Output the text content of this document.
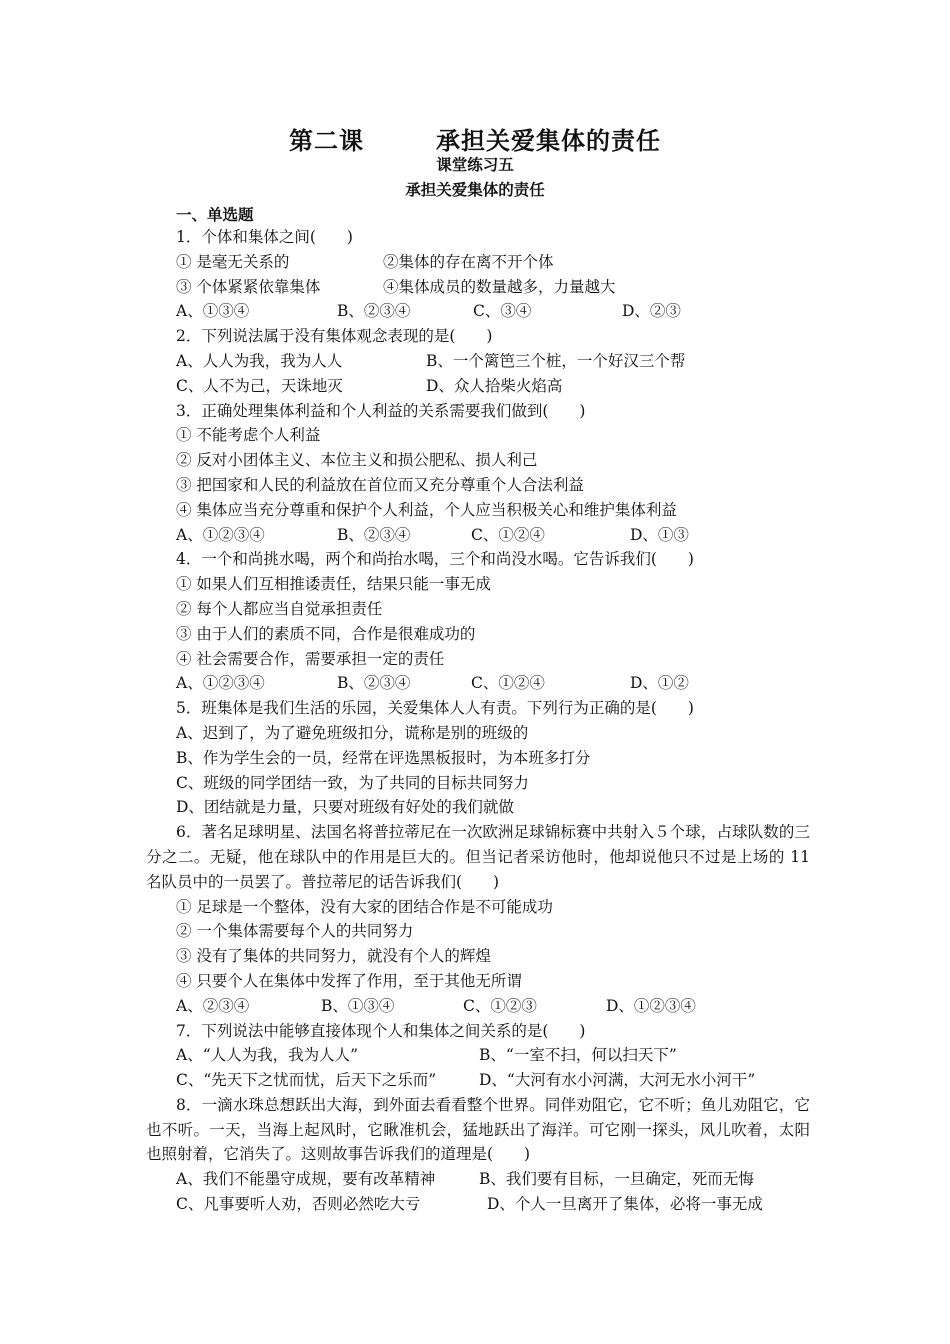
第二课	承担关爱集体的责任
课堂练习五
承担关爱集体的责任
一、单选题
1．个体和集体之间(　　)
① 是毫无关系的	②集体的存在离不开个体
③ 个体紧紧依靠集体	④集体成员的数量越多，力量越大
A、①③④	B、②③④	C、③④	D、②③
2．下列说法属于没有集体观念表现的是(　　)
A、人人为我，我为人人	B、一个篱笆三个桩，一个好汉三个帮
C、人不为己，天诛地灭	D、众人拾柴火焰高
3．正确处理集体利益和个人利益的关系需要我们做到(　　)
① 不能考虑个人利益
② 反对小团体主义、本位主义和损公肥私、损人利己
③ 把国家和人民的利益放在首位而又充分尊重个人合法利益
④ 集体应当充分尊重和保护个人利益，个人应当积极关心和维护集体利益
A、①②③④	B、②③④	C、①②④	D、①③
4．一个和尚挑水喝，两个和尚抬水喝，三个和尚没水喝。它告诉我们(　　)
① 如果人们互相推诿责任，结果只能一事无成
② 每个人都应当自觉承担责任
③ 由于人们的素质不同，合作是很难成功的
④ 社会需要合作，需要承担一定的责任
A、①②③④	B、②③④	C、①②④	D、①②
5．班集体是我们生活的乐园，关爱集体人人有责。下列行为正确的是(　　)
A、迟到了，为了避免班级扣分，谎称是别的班级的
B、作为学生会的一员，经常在评选黑板报时，为本班多打分
C、班级的同学团结一致，为了共同的目标共同努力
D、团结就是力量，只要对班级有好处的我们就做
6．著名足球明星、法国名将普拉蒂尼在一次欧洲足球锦标赛中共射入５个球，占球队数的三分之二。无疑，他在球队中的作用是巨大的。但当记者采访他时，他却说他只不过是上场的 11 名队员中的一员罢了。普拉蒂尼的话告诉我们(　　)
① 足球是一个整体，没有大家的团结合作是不可能成功
② 一个集体需要每个人的共同努力
③ 没有了集体的共同努力，就没有个人的辉煌
④ 只要个人在集体中发挥了作用，至于其他无所谓
A、②③④	B、①③④	C、①②③	D、①②③④
7．下列说法中能够直接体现个人和集体之间关系的是(　　)
A、“人人为我，我为人人”	B、“一室不扫，何以扫天下”
C、“先天下之忧而忧，后天下之乐而”	D、“大河有水小河满，大河无水小河干”
8．一滴水珠总想跃出大海，到外面去看看整个世界。同伴劝阻它，它不听；鱼儿劝阻它，它也不听。一天，当海上起风时，它瞅准机会，猛地跃出了海洋。可它刚一探头，风儿吹着，太阳也照射着，它消失了。这则故事告诉我们的道理是(　　)
A、我们不能墨守成规，要有改革精神	B、我们要有目标，一旦确定，死而无悔
C、凡事要听人劝，否则必然吃大亏	D、个人一旦离开了集体，必将一事无成
